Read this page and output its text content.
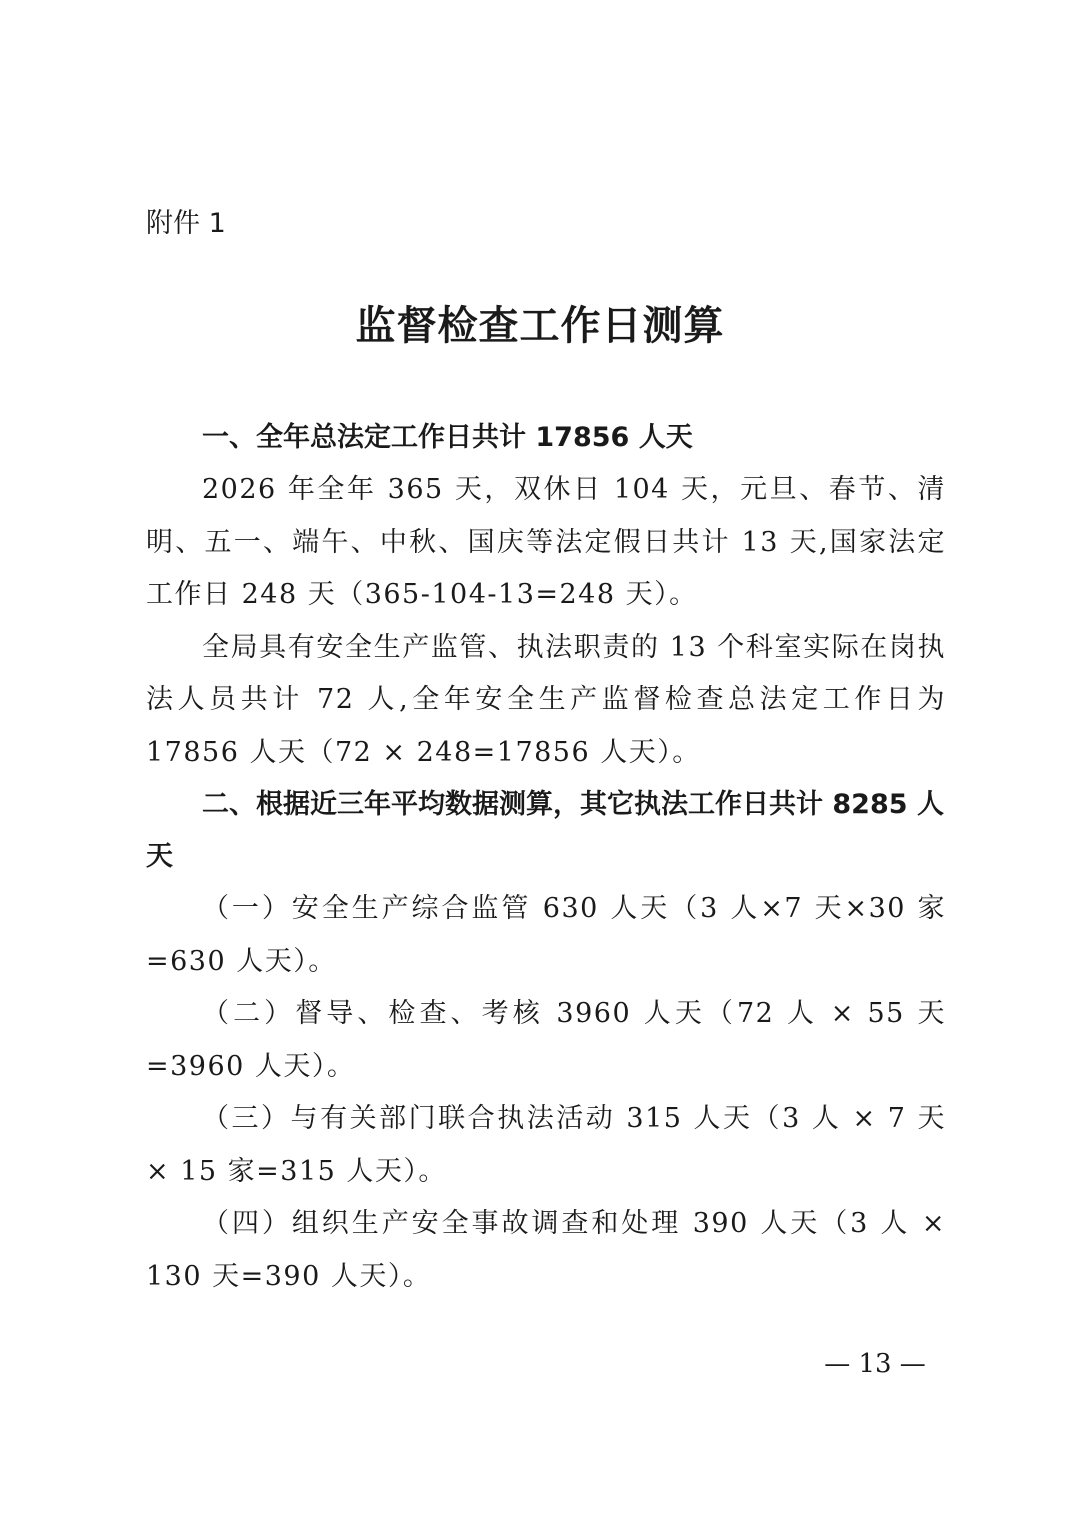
附件 1
监督检查工作日测算

一、全年总法定工作日共计 17856 人天

2026 年全年 365 天，双休日 104 天，元旦、春节、清明、五一、端午、中秋、国庆等法定假日共计 13 天,国家法定工作日 248 天（365-104-13=248 天）。

全局具有安全生产监管、执法职责的 13 个科室实际在岗执法人员共计 72 人,全年安全生产监督检查总法定工作日为 17856 人天（72 × 248=17856 人天）。

二、根据近三年平均数据测算，其它执法工作日共计 8285 人天

（一）安全生产综合监管 630 人天（3 人×7 天×30 家=630 人天）。

（二）督导、检查、考核 3960 人天（72 人 × 55 天=3960 人天）。

（三）与有关部门联合执法活动 315 人天（3 人 × 7 天 × 15 家=315 人天）。

（四）组织生产安全事故调查和处理 390 人天（3 人 × 130 天=390 人天）。

— 13 —
